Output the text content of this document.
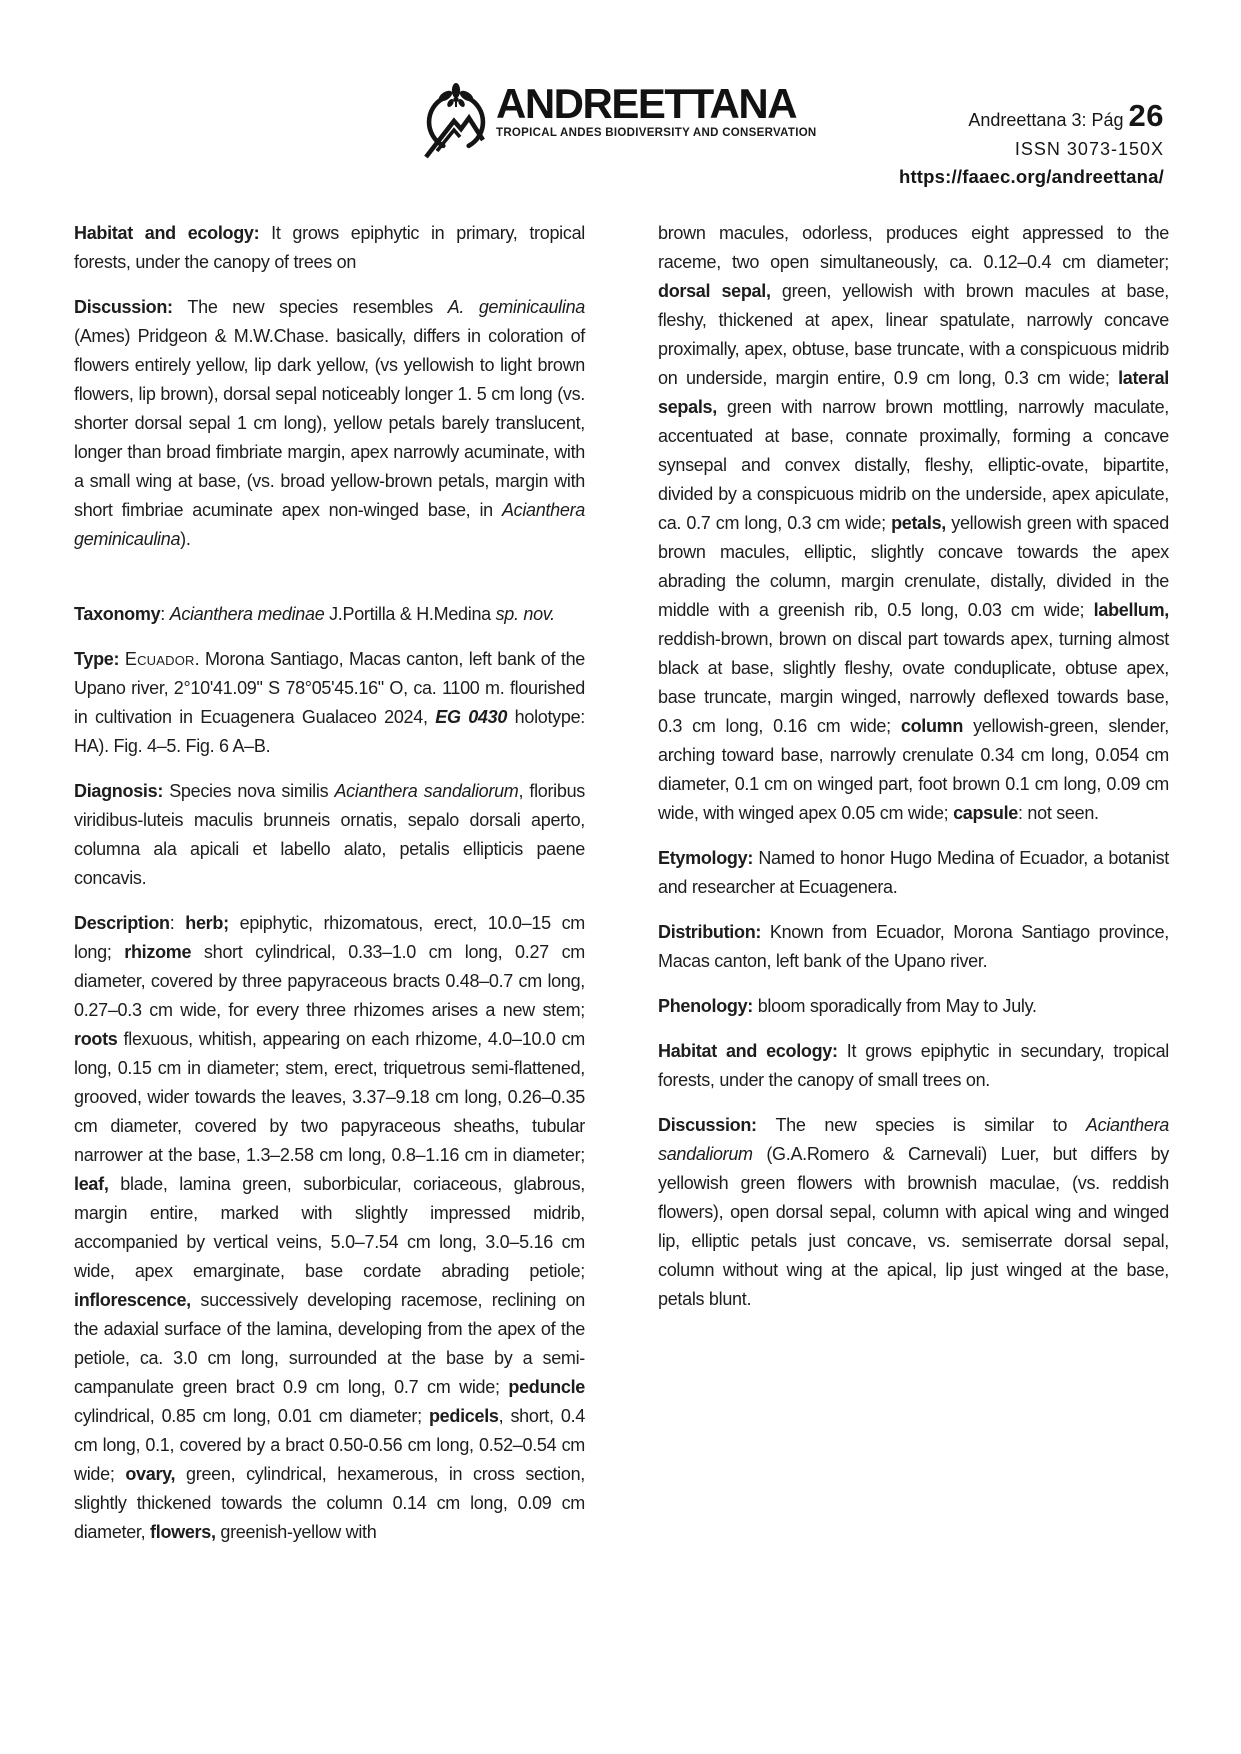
ANDREETTANA
TROPICAL ANDES BIODIVERSITY AND CONSERVATION
Andreettana 3: Pág 26
ISSN 3073-150X
https://faaec.org/andreettana/

Habitat and ecology: It grows epiphytic in primary, tropical forests, under the canopy of trees on

Discussion: The new species resembles A. geminicaulina (Ames) Pridgeon & M.W.Chase. basically, differs in coloration of flowers entirely yellow, lip dark yellow, (vs yellowish to light brown flowers, lip brown), dorsal sepal noticeably longer 1. 5 cm long (vs. shorter dorsal sepal 1 cm long), yellow petals barely translucent, longer than broad fimbriate margin, apex narrowly acuminate, with a small wing at base, (vs. broad yellow-brown petals, margin with short fimbriae acuminate apex non-winged base, in Acianthera geminicaulina).

Taxonomy: Acianthera medinae J.Portilla & H.Medina sp. nov.

Type: Ecuador. Morona Santiago, Macas canton, left bank of the Upano river, 2°10'41.09" S 78°05'45.16" O, ca. 1100 m. flourished in cultivation in Ecuagenera Gualaceo 2024, EG 0430 holotype: HA). Fig. 4–5. Fig. 6 A–B.

Diagnosis: Species nova similis Acianthera sandaliorum, floribus viridibus-luteis maculis brunneis ornatis, sepalo dorsali aperto, columna ala apicali et labello alato, petalis ellipticis paene concavis.

Description: herb; epiphytic, rhizomatous, erect, 10.0–15 cm long; rhizome short cylindrical, 0.33–1.0 cm long, 0.27 cm diameter, covered by three papyraceous bracts 0.48–0.7 cm long, 0.27–0.3 cm wide, for every three rhizomes arises a new stem; roots flexuous, whitish, appearing on each rhizome, 4.0–10.0 cm long, 0.15 cm in diameter; stem, erect, triquetrous semi-flattened, grooved, wider towards the leaves, 3.37–9.18 cm long, 0.26–0.35 cm diameter, covered by two papyraceous sheaths, tubular narrower at the base, 1.3–2.58 cm long, 0.8–1.16 cm in diameter; leaf, blade, lamina green, suborbicular, coriaceous, glabrous, margin entire, marked with slightly impressed midrib, accompanied by vertical veins, 5.0–7.54 cm long, 3.0–5.16 cm wide, apex emarginate, base cordate abrading petiole; inflorescence, successively developing racemose, reclining on the adaxial surface of the lamina, developing from the apex of the petiole, ca. 3.0 cm long, surrounded at the base by a semi-campanulate green bract 0.9 cm long, 0.7 cm wide; peduncle cylindrical, 0.85 cm long, 0.01 cm diameter; pedicels, short, 0.4 cm long, 0.1, covered by a bract 0.50-0.56 cm long, 0.52–0.54 cm wide; ovary, green, cylindrical, hexamerous, in cross section, slightly thickened towards the column 0.14 cm long, 0.09 cm diameter, flowers, greenish-yellow with

brown macules, odorless, produces eight appressed to the raceme, two open simultaneously, ca. 0.12–0.4 cm diameter; dorsal sepal, green, yellowish with brown macules at base, fleshy, thickened at apex, linear spatulate, narrowly concave proximally, apex, obtuse, base truncate, with a conspicuous midrib on underside, margin entire, 0.9 cm long, 0.3 cm wide; lateral sepals, green with narrow brown mottling, narrowly maculate, accentuated at base, connate proximally, forming a concave synsepal and convex distally, fleshy, elliptic-ovate, bipartite, divided by a conspicuous midrib on the underside, apex apiculate, ca. 0.7 cm long, 0.3 cm wide; petals, yellowish green with spaced brown macules, elliptic, slightly concave towards the apex abrading the column, margin crenulate, distally, divided in the middle with a greenish rib, 0.5 long, 0.03 cm wide; labellum, reddish-brown, brown on discal part towards apex, turning almost black at base, slightly fleshy, ovate conduplicate, obtuse apex, base truncate, margin winged, narrowly deflexed towards base, 0.3 cm long, 0.16 cm wide; column yellowish-green, slender, arching toward base, narrowly crenulate 0.34 cm long, 0.054 cm diameter, 0.1 cm on winged part, foot brown 0.1 cm long, 0.09 cm wide, with winged apex 0.05 cm wide; capsule: not seen.

Etymology: Named to honor Hugo Medina of Ecuador, a botanist and researcher at Ecuagenera.

Distribution: Known from Ecuador, Morona Santiago province, Macas canton, left bank of the Upano river.

Phenology: bloom sporadically from May to July.

Habitat and ecology: It grows epiphytic in secundary, tropical forests, under the canopy of small trees on.

Discussion: The new species is similar to Acianthera sandaliorum (G.A.Romero & Carnevali) Luer, but differs by yellowish green flowers with brownish maculae, (vs. reddish flowers), open dorsal sepal, column with apical wing and winged lip, elliptic petals just concave, vs. semiserrate dorsal sepal, column without wing at the apical, lip just winged at the base, petals blunt.
